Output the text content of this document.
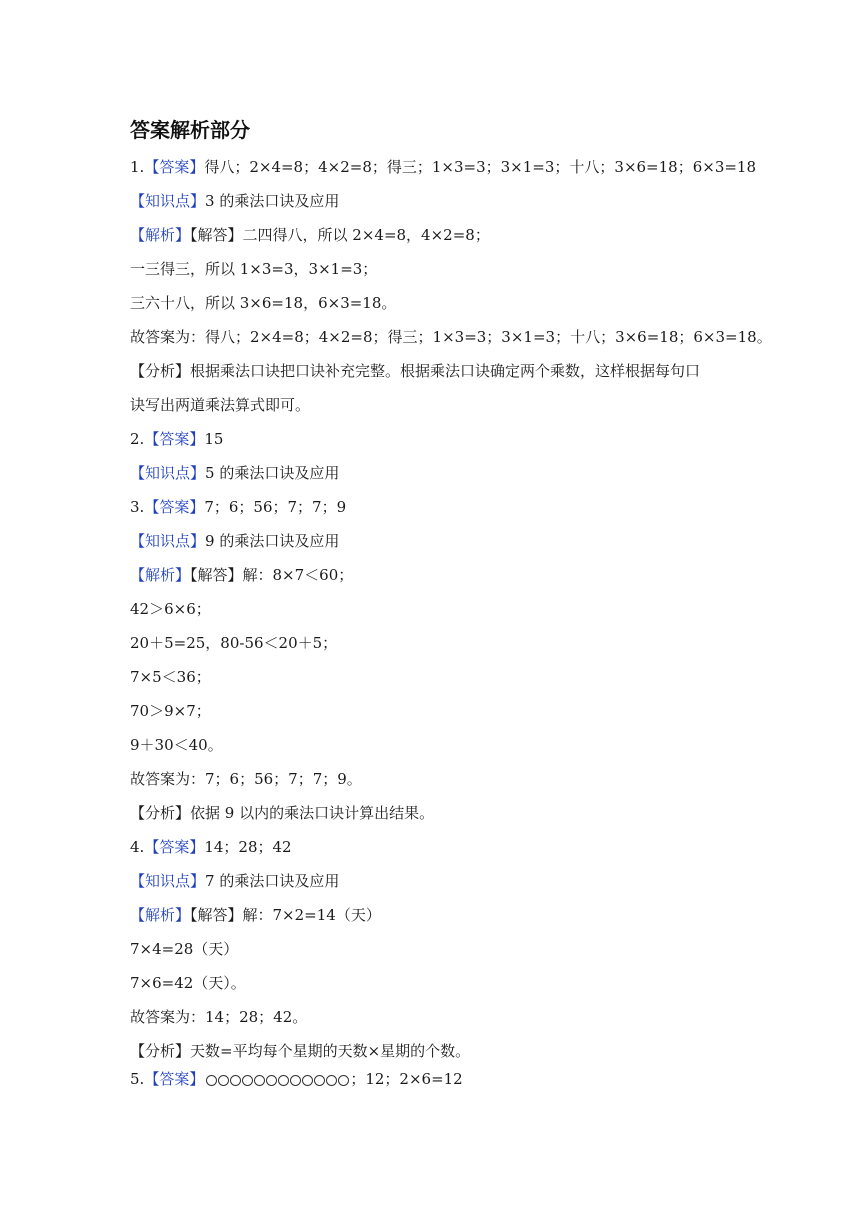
答案解析部分
1.【答案】得八；2×4=8；4×2=8；得三；1×3=3；3×1=3；十八；3×6=18；6×3=18
【知识点】3 的乘法口诀及应用
【解析】【解答】二四得八，所以 2×4=8，4×2=8；
一三得三，所以 1×3=3，3×1=3；
三六十八，所以 3×6=18，6×3=18。
故答案为：得八；2×4=8；4×2=8；得三；1×3=3；3×1=3；十八；3×6=18；6×3=18。
【分析】根据乘法口诀把口诀补充完整。根据乘法口诀确定两个乘数，这样根据每句口
诀写出两道乘法算式即可。
2.【答案】15
【知识点】5 的乘法口诀及应用
3.【答案】7；6；56；7；7；9
【知识点】9 的乘法口诀及应用
【解析】【解答】解：8×7＜60；
42＞6×6；
20＋5=25，80-56＜20＋5；
7×5＜36；
70＞9×7；
9＋30＜40。
故答案为：7；6；56；7；7；9。
【分析】依据 9 以内的乘法口诀计算出结果。
4.【答案】14；28；42
【知识点】7 的乘法口诀及应用
【解析】【解答】解：7×2=14（天）
7×4=28（天）
7×6=42（天）。
故答案为：14；28；42。
【分析】天数=平均每个星期的天数×星期的个数。
5.【答案】	；12；2×6=12
